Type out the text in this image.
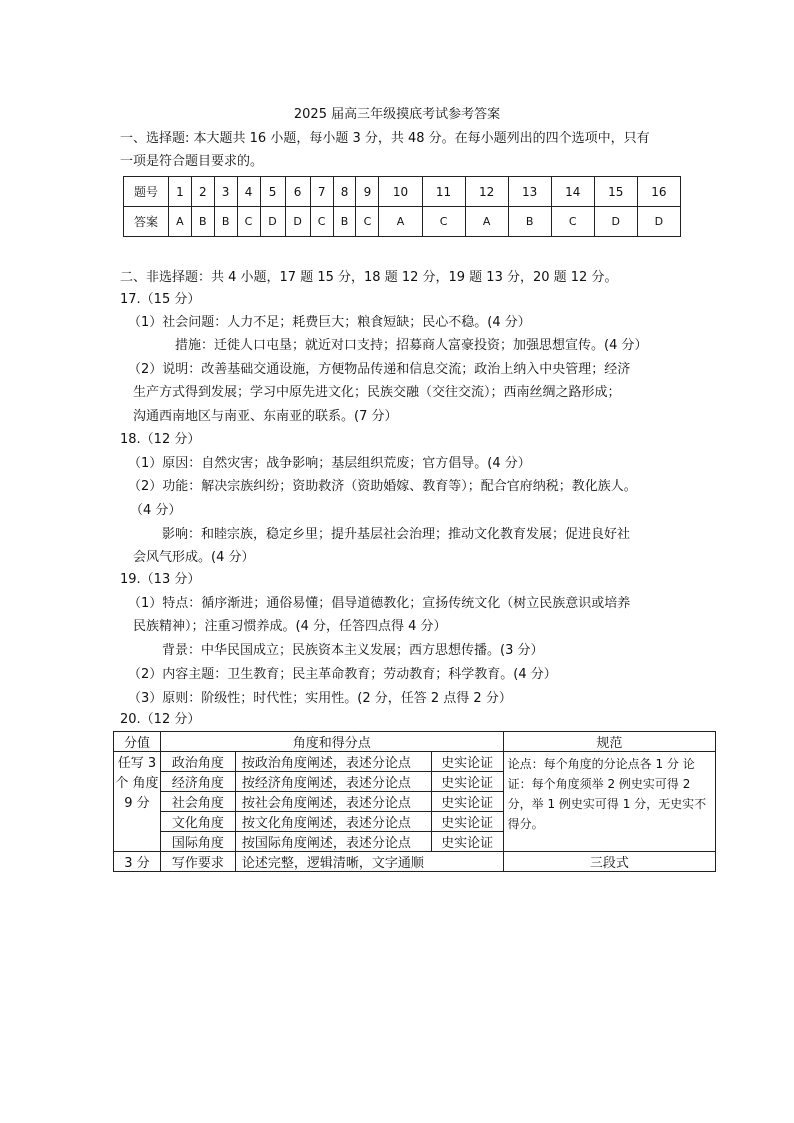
2025 届高三年级摸底考试参考答案
一、选择题: 本大题共 16 小题，每小题 3 分，共 48 分。在每小题列出的四个选项中，只有
一项是符合题目要求的。
题号	1	2	3	4	5	6	7	8	9	10	11	12	13	14	15	16
答案	A	B	B	C	D	D	C	B	C	A	C	A	B	C	D	D
二、非选择题：共 4 小题，17 题 15 分，18 题 12 分，19 题 13 分，20 题 12 分。
17.（15 分）
（1）社会问题：人力不足；耗费巨大；粮食短缺；民心不稳。(4 分）
措施：迁徙人口屯垦；就近对口支持；招募商人富豪投资；加强思想宣传。(4 分）
（2）说明：改善基础交通设施，方便物品传递和信息交流；政治上纳入中央管理；经济
生产方式得到发展；学习中原先进文化；民族交融（交往交流）；西南丝绸之路形成；
沟通西南地区与南亚、东南亚的联系。(7 分）
18.（12 分）
（1）原因：自然灾害；战争影响；基层组织荒废；官方倡导。(4 分）
（2）功能：解决宗族纠纷；资助救济（资助婚嫁、教育等）；配合官府纳税；教化族人。
（4 分）
影响：和睦宗族，稳定乡里；提升基层社会治理；推动文化教育发展；促进良好社
会风气形成。(4 分）
19.（13 分）
（1）特点：循序渐进；通俗易懂；倡导道德教化；宣扬传统文化（树立民族意识或培养
民族精神）；注重习惯养成。(4 分，任答四点得 4 分）
背景：中华民国成立；民族资本主义发展；西方思想传播。(3 分）
（2）内容主题：卫生教育；民主革命教育；劳动教育；科学教育。(4 分）
（3）原则：阶级性；时代性；实用性。(2 分，任答 2 点得 2 分）
20.（12 分）
分值	角度和得分点			规范
任写 3 个 角度 9 分	政治角度	按政治角度阐述，表述分论点	史实论证	论点：每个角度的分论点各 1 分 论证：每个角度须举 2 例史实可得 2 分，举 1 例史实可得 1 分，无史实不得分。
	经济角度	按经济角度阐述，表述分论点	史实论证	
	社会角度	按社会角度阐述，表述分论点	史实论证	
	文化角度	按文化角度阐述，表述分论点	史实论证	
	国际角度	按国际角度阐述，表述分论点	史实论证	
3 分	写作要求	论述完整，逻辑清晰，文字通顺		三段式
